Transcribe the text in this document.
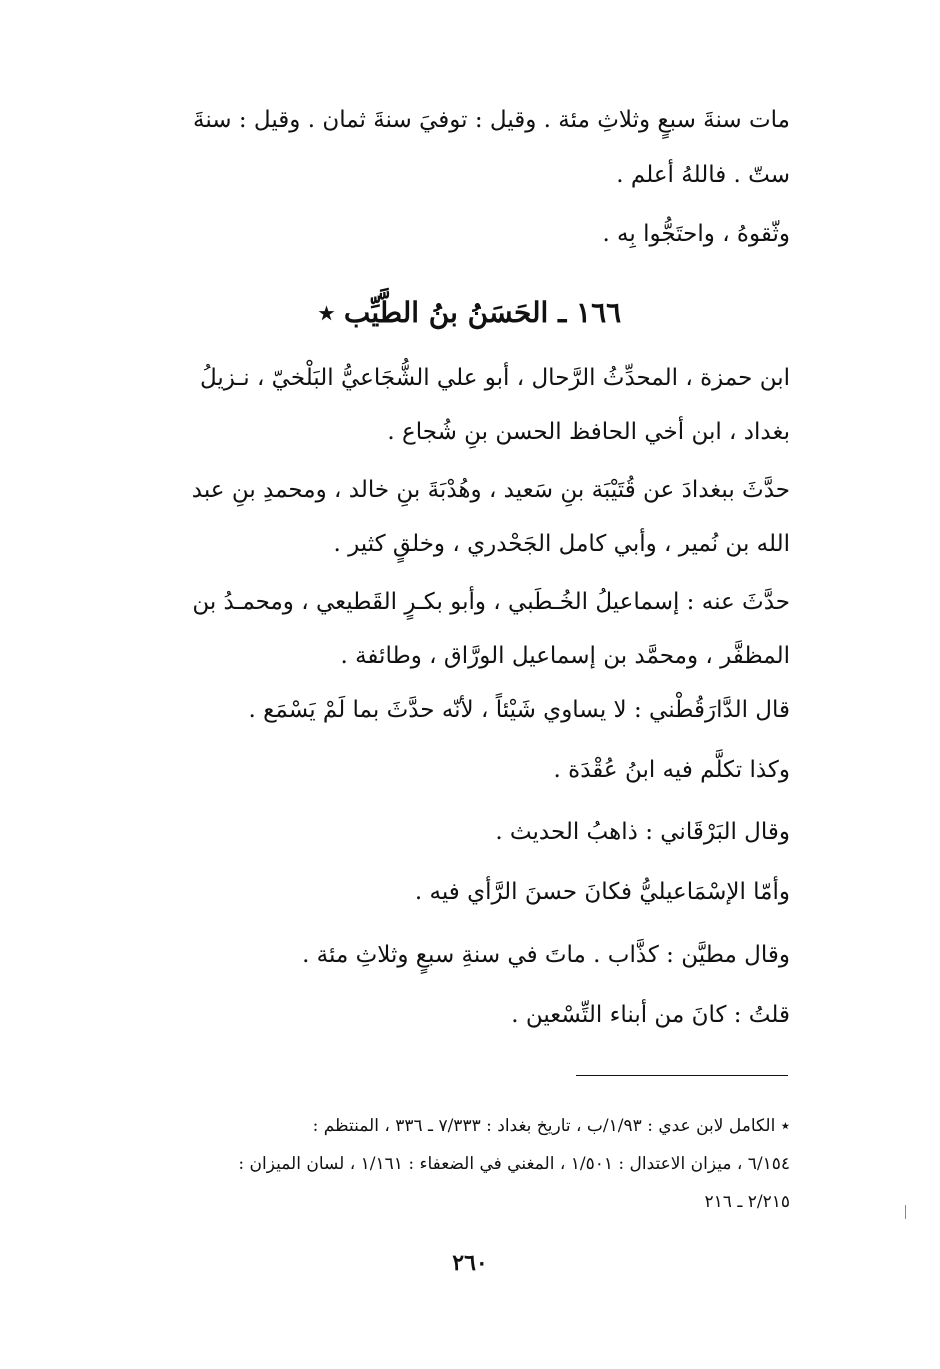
مات سنةَ سبعٍ وثلاثِ مئة . وقيل : توفيَ سنةَ ثمان . وقيل : سنةَ
ستّ . فاللهُ أعلم .
وثّقوهُ ، واحتَجُّوا بِه .
١٦٦ ـ الحَسَنُ بنُ الطَّيِّب ٭
ابن حمزة ، المحدِّثُ الرَّحال ، أبو علي الشُّجَاعيُّ البَلْخيّ ، نـزيلُ
بغداد ، ابن أخي الحافظ الحسن بنِ شُجاع .
حدَّثَ ببغدادَ عن قُتَيْبَة بنِ سَعيد ، وهُدْبَةَ بنِ خالد ، ومحمدِ بنِ عبد
الله بن نُمير ، وأبي كامل الجَحْدري ، وخلقٍ كثير .
حدَّثَ عنه : إسماعيلُ الخُـطَبي ، وأبو بكـرٍ القَطيعي ، ومحمـدُ بن
المظفَّر ، ومحمَّد بن إسماعيل الورَّاق ، وطائفة .
قال الدَّارَقُطْني : لا يساوي شَيْئاً ، لأنّه حدَّثَ بما لَمْ يَسْمَع .
وكذا تكلَّم فيه ابنُ عُقْدَة .
وقال البَرْقَاني : ذاهبُ الحديث .
وأمّا الإسْمَاعيليُّ فكانَ حسنَ الرَّأي فيه .
وقال مطيَّن : كذَّاب . ماتَ في سنةِ سبعٍ وثلاثِ مئة .
قلتُ : كانَ من أبناء التِّسْعين .
٭ الكامل لابن عدي : ١/٩٣/ب ، تاريخ بغداد : ٧/٣٣٣ ـ ٣٣٦ ، المنتظم :
٦/١٥٤ ، ميزان الاعتدال : ١/٥٠١ ، المغني في الضعفاء : ١/١٦١ ، لسان الميزان :
٢/٢١٥ ـ ٢١٦
٢٦٠
